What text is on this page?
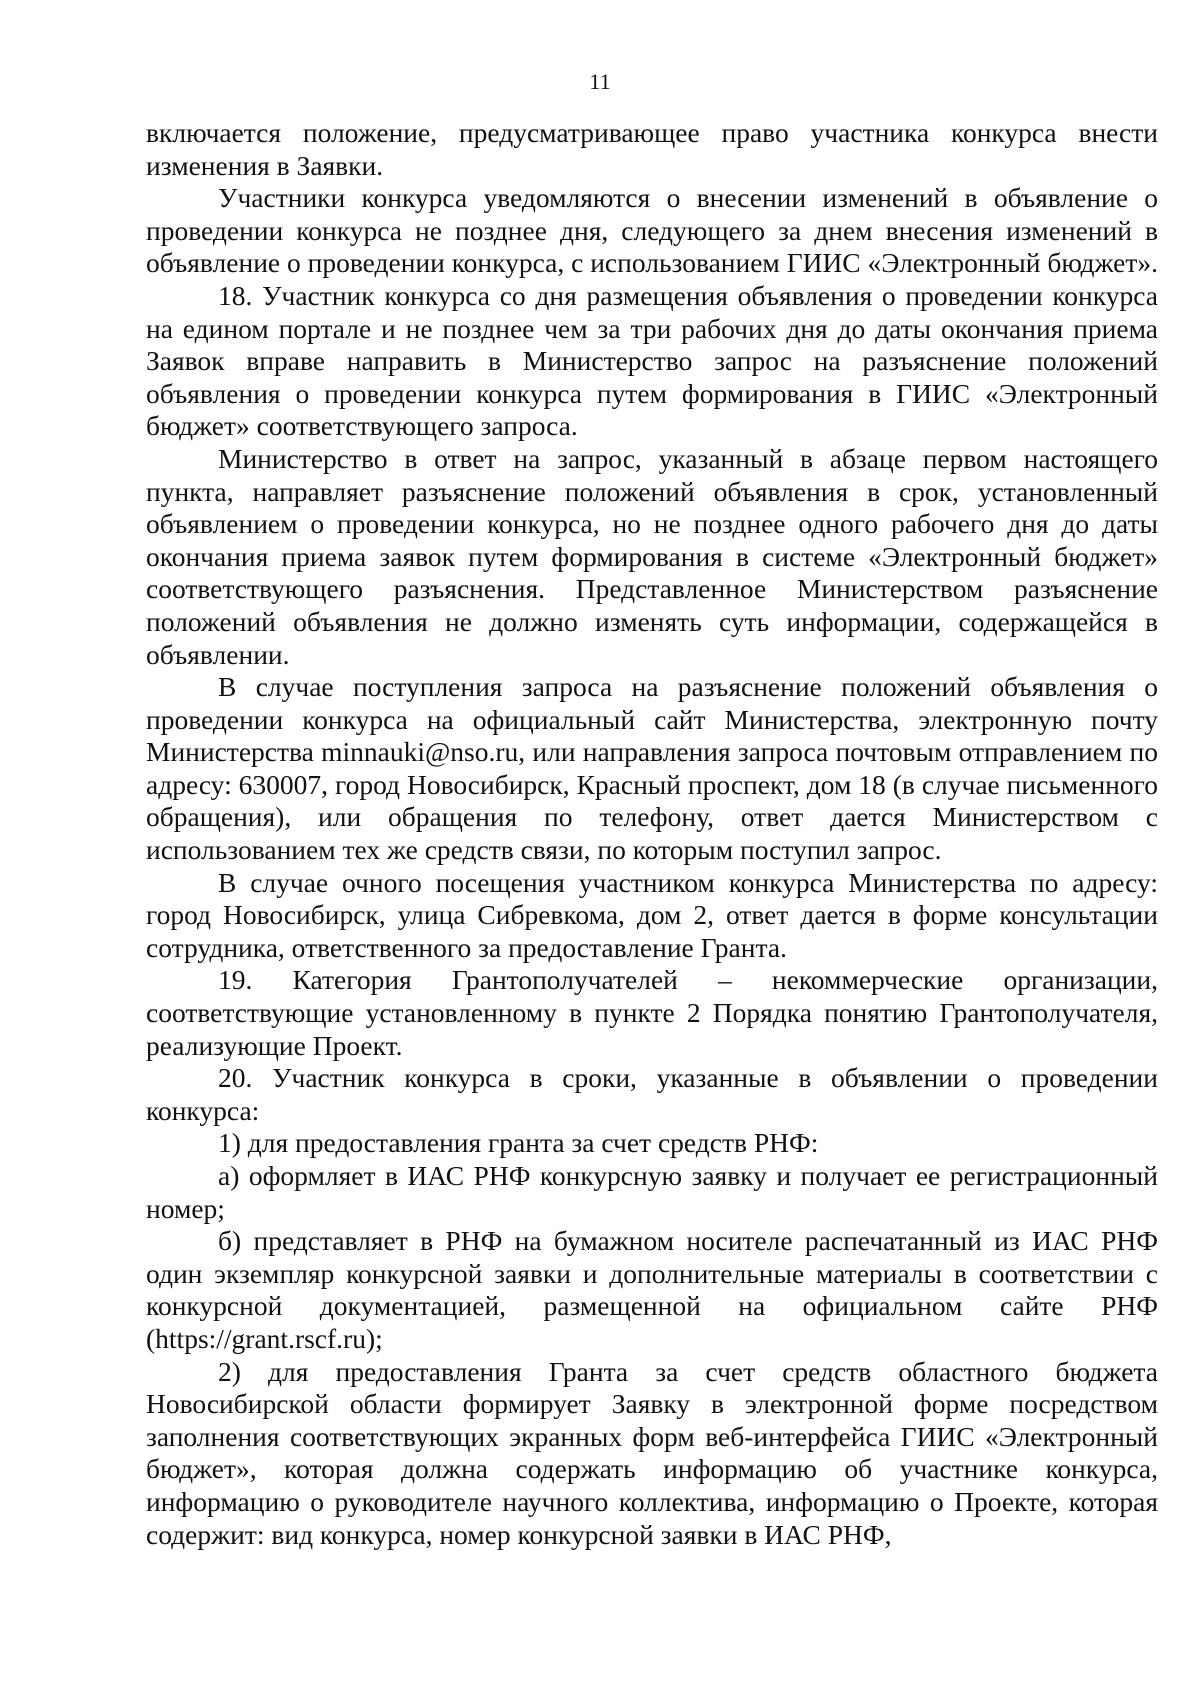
11

включается положение, предусматривающее право участника конкурса внести изменения в Заявки.

Участники конкурса уведомляются о внесении изменений в объявление о проведении конкурса не позднее дня, следующего за днем внесения изменений в объявление о проведении конкурса, с использованием ГИИС «Электронный бюджет».

18. Участник конкурса со дня размещения объявления о проведении конкурса на едином портале и не позднее чем за три рабочих дня до даты окончания приема Заявок вправе направить в Министерство запрос на разъяснение положений объявления о проведении конкурса путем формирования в ГИИС «Электронный бюджет» соответствующего запроса.

Министерство в ответ на запрос, указанный в абзаце первом настоящего пункта, направляет разъяснение положений объявления в срок, установленный объявлением о проведении конкурса, но не позднее одного рабочего дня до даты окончания приема заявок путем формирования в системе «Электронный бюджет» соответствующего разъяснения. Представленное Министерством разъяснение положений объявления не должно изменять суть информации, содержащейся в объявлении.

В случае поступления запроса на разъяснение положений объявления о проведении конкурса на официальный сайт Министерства, электронную почту Министерства minnauki@nso.ru, или направления запроса почтовым отправлением по адресу: 630007, город Новосибирск, Красный проспект, дом 18 (в случае письменного обращения), или обращения по телефону, ответ дается Министерством с использованием тех же средств связи, по которым поступил запрос.

В случае очного посещения участником конкурса Министерства по адресу: город Новосибирск, улица Сибревкома, дом 2, ответ дается в форме консультации сотрудника, ответственного за предоставление Гранта.

19. Категория Грантополучателей – некоммерческие организации, соответствующие установленному в пункте 2 Порядка понятию Грантополучателя, реализующие Проект.

20. Участник конкурса в сроки, указанные в объявлении о проведении конкурса:

1) для предоставления гранта за счет средств РНФ:

а) оформляет в ИАС РНФ конкурсную заявку и получает ее регистрационный номер;

б) представляет в РНФ на бумажном носителе распечатанный из ИАС РНФ один экземпляр конкурсной заявки и дополнительные материалы в соответствии с конкурсной документацией, размещенной на официальном сайте РНФ (https://grant.rscf.ru);

2) для предоставления Гранта за счет средств областного бюджета Новосибирской области формирует Заявку в электронной форме посредством заполнения соответствующих экранных форм веб-интерфейса ГИИС «Электронный бюджет», которая должна содержать информацию об участнике конкурса, информацию о руководителе научного коллектива, информацию о Проекте, которая содержит: вид конкурса, номер конкурсной заявки в ИАС РНФ,
